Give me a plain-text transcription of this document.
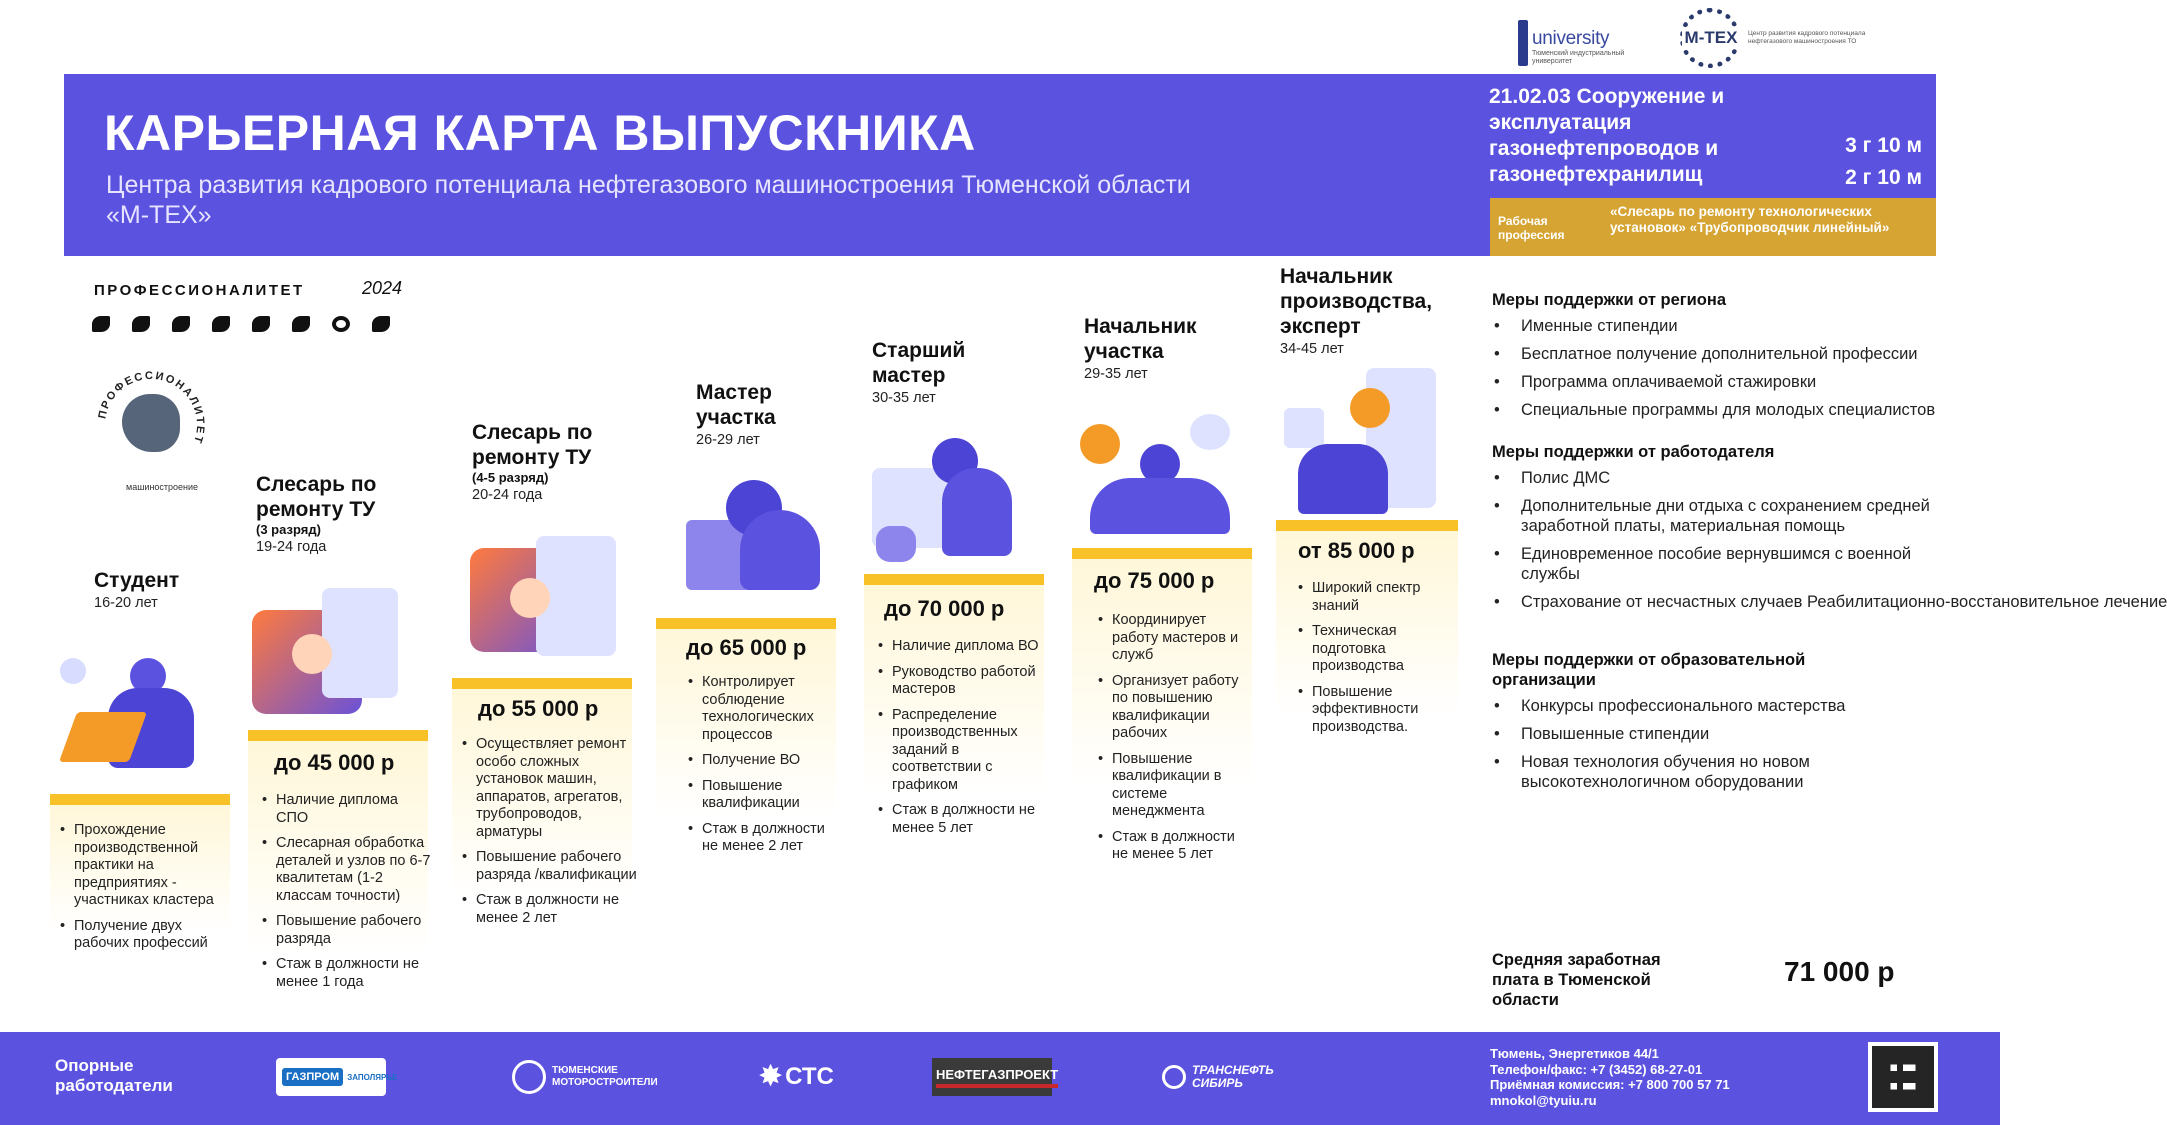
university
Тюменский индустриальный университет
М-ТЕХ	Центр развития кадрового потенциала нефтегазового машиностроения ТО
КАРЬЕРНАЯ КАРТА ВЫПУСКНИКА
Центра развития кадрового потенциала нефтегазового машиностроения Тюменской области «М-ТЕХ»
21.02.03 Сооружение и эксплуатация газонефтепроводов и газонефтехранилищ
3 г 10 м
2 г 10 м
Рабочая профессия
«Слесарь по ремонту технологических установок» «Трубопроводчик линейный»
ПРОФЕССИОНАЛИТЕТ	2024
ПРОФЕССИОНАЛИТЕТ
машиностроение
Студент
16-20 лет
• Прохождение производственной практики на предприятиях - участниках кластера
• Получение двух рабочих профессий
Слесарь по ремонту ТУ
(3 разряд)
19-24 года
до 45 000 р
• Наличие диплома СПО
• Слесарная обработка деталей и узлов по 6-7 квалитетам (1-2 классам точности)
• Повышение рабочего разряда
• Стаж в должности не менее 1 года
Слесарь по ремонту ТУ
(4-5 разряд)
20-24 года
до 55 000 р
• Осуществляет ремонт особо сложных установок машин, аппаратов, агрегатов, трубопроводов, арматуры
• Повышение рабочего разряда /квалификации
• Стаж в должности не менее 2 лет
Мастер участка
26-29 лет
до 65 000 р
• Контролирует соблюдение технологических процессов
• Получение ВО
• Повышение квалификации
• Стаж в должности не менее 2 лет
Старший мастер
30-35 лет
до 70 000 р
• Наличие диплома ВО
• Руководство работой мастеров
• Распределение производственных заданий в соответствии с графиком
• Стаж в должности не менее 5 лет
Начальник участка
29-35 лет
до 75 000 р
• Координирует работу мастеров и служб
• Организует работу по повышению квалификации рабочих
• Повышение квалификации в системе менеджмента
• Стаж в должности не менее 5 лет
Начальник производства, эксперт
34-45 лет
от 85 000 р
• Широкий спектр знаний
• Техническая подготовка производства
• Повышение эффективности производства.
Меры поддержки от региона
• Именные стипендии
• Бесплатное получение дополнительной профессии
• Программа оплачиваемой стажировки
• Специальные программы для молодых специалистов
Меры поддержки от работодателя
• Полис ДМС
• Дополнительные дни отдыха с сохранением средней заработной платы, материальная помощь
• Единовременное пособие вернувшимся с военной службы
• Страхование от несчастных случаев Реабилитационно-восстановительное лечение
Меры поддержки от образовательной организации
• Конкурсы профессионального мастерства
• Повышенные стипендии
• Новая технология обучения но новом высокотехнологичном оборудовании
Средняя заработная плата в Тюменской области
71 000 р
Опорные работодатели	ГАЗПРОМ	ЗАПОЛЯРЬЕ
ТЮМЕНСКИЕ МОТОРОСТРОИТЕЛИ	✸ СТС	НЕФТЕГАЗПРОЕКТ	ТРАНСНЕФТЬ СИБИРЬ
Тюмень, Энергетиков 44/1
Телефон/факс: +7 (3452) 68-27-01
Приёмная комиссия: +7 800 700 57 71
mnokol@tyuiu.ru
